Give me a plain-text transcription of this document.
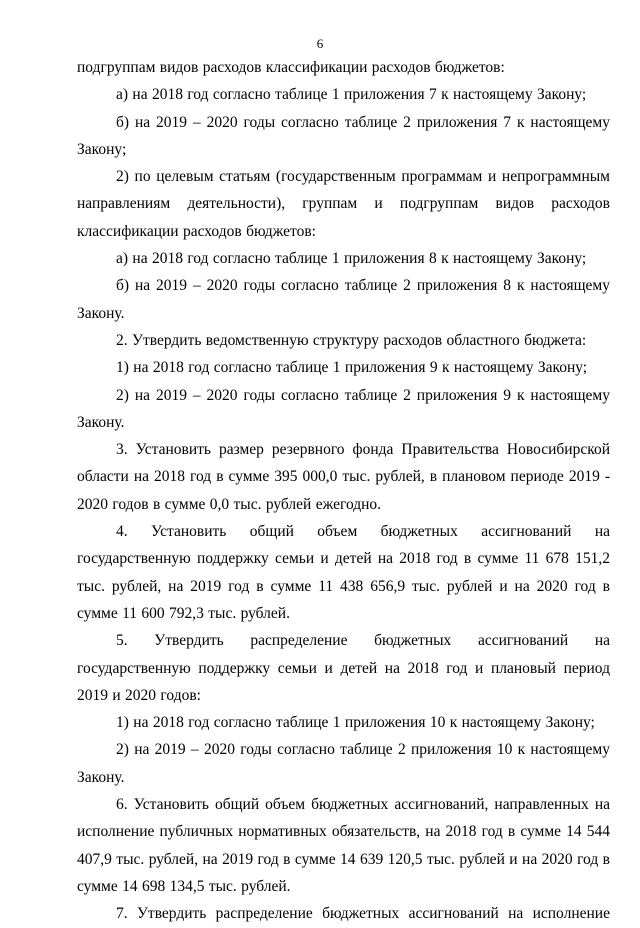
6

подгруппам видов расходов классификации расходов бюджетов:

а) на 2018 год согласно таблице 1 приложения 7 к настоящему Закону;

б) на 2019 – 2020 годы согласно таблице 2 приложения 7 к настоящему Закону;

2) по целевым статьям (государственным программам и непрограммным направлениям деятельности), группам и подгруппам видов расходов классификации расходов бюджетов:

а) на 2018 год согласно таблице 1 приложения 8 к настоящему Закону;

б) на 2019 – 2020 годы согласно таблице 2 приложения 8 к настоящему Закону.

2. Утвердить ведомственную структуру расходов областного бюджета:

1) на 2018 год согласно таблице 1 приложения 9 к настоящему Закону;

2) на 2019 – 2020 годы согласно таблице 2 приложения 9 к настоящему Закону.

3. Установить размер резервного фонда Правительства Новосибирской области на 2018 год в сумме 395 000,0 тыс. рублей, в плановом периоде 2019 - 2020 годов в сумме 0,0 тыс. рублей ежегодно.

4. Установить общий объем бюджетных ассигнований на государственную поддержку семьи и детей на 2018 год в сумме 11 678 151,2 тыс. рублей, на 2019 год в сумме 11 438 656,9 тыс. рублей и на 2020 год в сумме 11 600 792,3 тыс. рублей.

5. Утвердить распределение бюджетных ассигнований на государственную поддержку семьи и детей на 2018 год и плановый период 2019 и 2020 годов:

1) на 2018 год согласно таблице 1 приложения 10 к настоящему Закону;

2) на 2019 – 2020 годы согласно таблице 2 приложения 10 к настоящему Закону.

6. Установить общий объем бюджетных ассигнований, направленных на исполнение публичных нормативных обязательств, на 2018 год в сумме 14 544 407,9 тыс. рублей, на 2019 год в сумме 14 639 120,5 тыс. рублей и на 2020 год в сумме 14 698 134,5 тыс. рублей.

7. Утвердить распределение бюджетных ассигнований на исполнение
